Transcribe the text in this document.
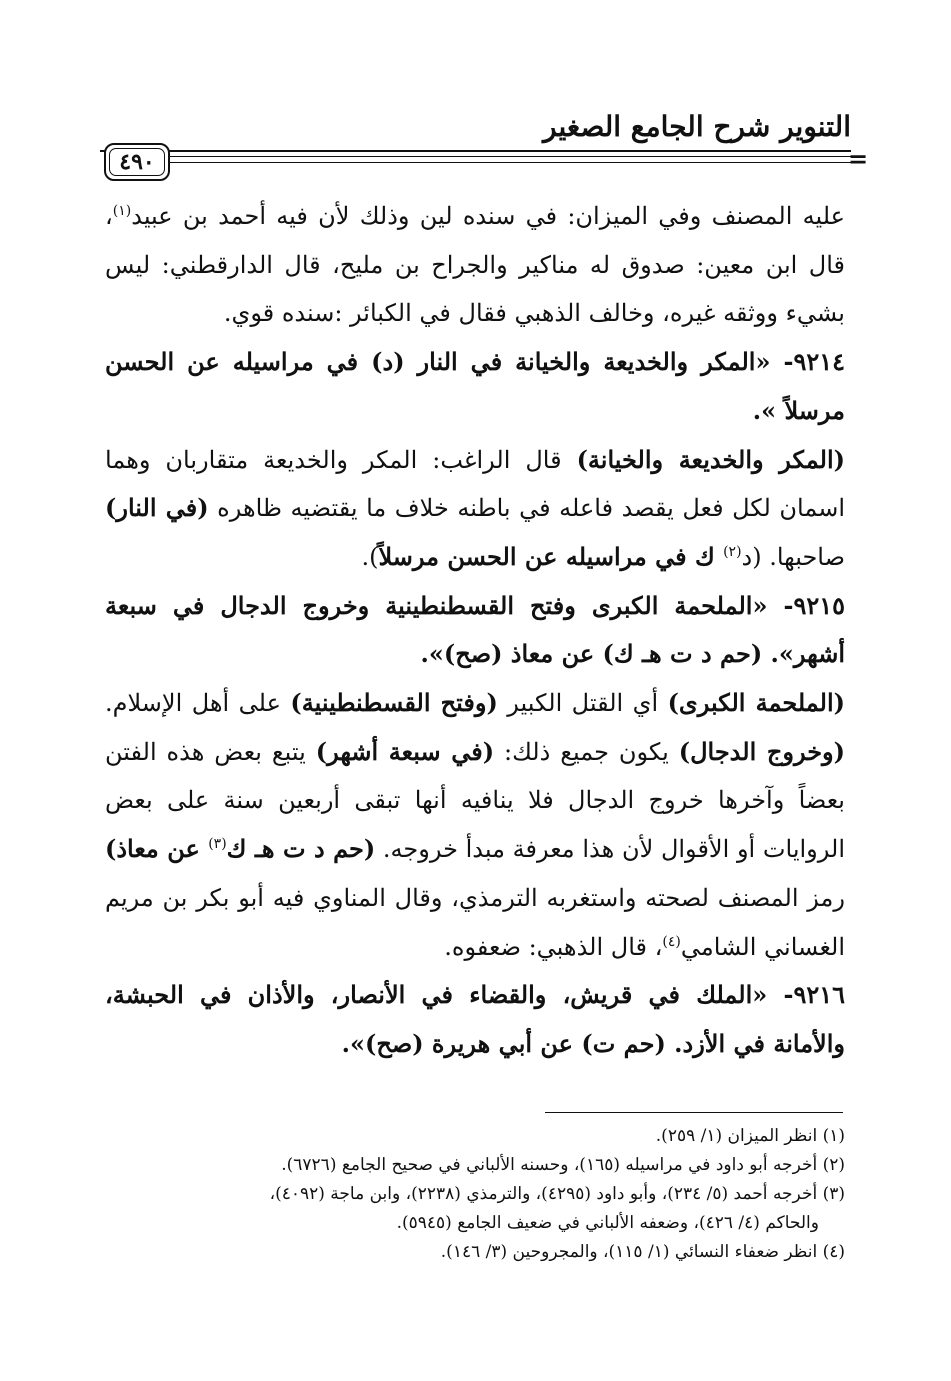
التنوير شرح الجامع الصغير
٤٩٠	=

عليه المصنف وفي الميزان: في سنده لين وذلك لأن فيه أحمد بن عبيد$^{(١)}$، قال ابن معين: صدوق له مناكير والجراح بن مليح، قال الدارقطني: ليس بشيء ووثقه غيره، وخالف الذهبي فقال في الكبائر :سنده قوي.

٩٢١٤- «المكر والخديعة والخيانة في النار (د) في مراسيله عن الحسن مرسلاً ».

(المكر والخديعة والخيانة) قال الراغب: المكر والخديعة متقاربان وهما اسمان لكل فعل يقصد فاعله في باطنه خلاف ما يقتضيه ظاهره (في النار) صاحبها. (د$^{(٢)}$ ك في مراسيله عن الحسن مرسلاً).

٩٢١٥- «الملحمة الكبرى وفتح القسطنطينية وخروج الدجال في سبعة أشهر». (حم د ت هـ ك) عن معاذ (صح)».

(الملحمة الكبرى) أي القتل الكبير (وفتح القسطنطينية) على أهل الإسلام. (وخروج الدجال) يكون جميع ذلك: (في سبعة أشهر) يتبع بعض هذه الفتن بعضاً وآخرها خروج الدجال فلا ينافيه أنها تبقى أربعين سنة على بعض الروايات أو الأقوال لأن هذا معرفة مبدأ خروجه. (حم د ت هـ ك$^{(٣)}$ عن معاذ) رمز المصنف لصحته واستغربه الترمذي، وقال المناوي فيه أبو بكر بن مريم الغساني الشامي$^{(٤)}$، قال الذهبي: ضعفوه.

٩٢١٦- «الملك في قريش، والقضاء في الأنصار، والأذان في الحبشة، والأمانة في الأزد. (حم ت) عن أبي هريرة (صح)».

(١) انظر الميزان (١/ ٢٥٩).

(٢) أخرجه أبو داود في مراسيله (١٦٥)، وحسنه الألباني في صحيح الجامع (٦٧٢٦).

(٣) أخرجه أحمد (٥/ ٢٣٤)، وأبو داود (٤٢٩٥)، والترمذي (٢٢٣٨)، وابن ماجة (٤٠٩٢)،

والحاكم (٤/ ٤٢٦)، وضعفه الألباني في ضعيف الجامع (٥٩٤٥).

(٤) انظر ضعفاء النسائي (١/ ١١٥)، والمجروحين (٣/ ١٤٦).
